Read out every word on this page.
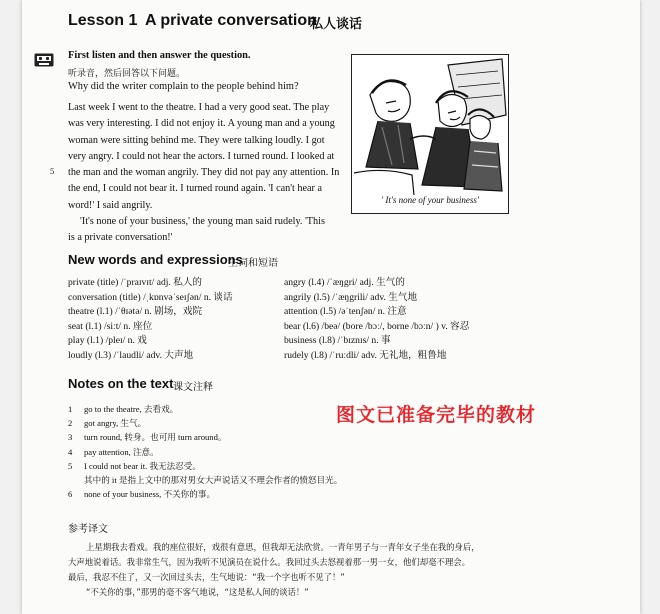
Lesson 1 A private conversation
私人谈话
First listen and then answer the question.
听录音，然后回答以下问题。
Why did the writer complain to the people behind him?
Last week I went to the theatre. I had a very good seat. The play
was very interesting. I did not enjoy it. A young man and a young
woman were sitting behind me. They were talking loudly. I got
very angry. I could not hear the actors. I turned round. I looked at
the man and the woman angrily. They did not pay any attention. In
the end, I could not bear it. I turned round again. 'I can't hear a
word!' I said angrily.
'It's none of your business,' the young man said rudely. 'This
is a private conversation!'
5
' It's none of your business'
New words and expressions
生词和短语
private (title) /ˈpraɪvɪt/ adj. 私人的
conversation (title) /ˌkɒnvəˈseɪʃən/ n. 谈话
theatre (l.1) /ˈθɪətə/ n. 剧场，戏院
seat (l.1) /siːt/ n. 座位
play (l.1) /pleɪ/ n. 戏
loudly (l.3) /ˈlaudli/ adv. 大声地
angry (l.4) /ˈæŋgri/ adj. 生气的
angrily (l.5) /ˈæŋgrili/ adv. 生气地
attention (l.5) /əˈtenʃən/ n. 注意
bear (l.6) /beə/ (bore /bɔː/, borne /bɔːn/ ) v. 容忍
business (l.8) /ˈbɪznɪs/ n. 事
rudely (l.8) /ˈruːdli/ adv. 无礼地，粗鲁地
Notes on the text 课文注释
1 go to the theatre, 去看戏。
2 got angry, 生气。
3 turn round, 转身。也可用 turn around。
4 pay attention, 注意。
5 I could not bear it. 我无法忍受。
其中的 it 是指上文中的那对男女大声说话又不理会作者的愤怒目光。
6 none of your business, 不关你的事。
图文已准备完毕的教材
参考译文
上星期我去看戏。我的座位很好，戏很有意思，但我却无法欣赏。一青年男子与一青年女子坐在我的身后，
大声地说着话。我非常生气，因为我听不见演员在说什么。我回过头去怒视着那一男一女，他们却毫不理会。
最后，我忍不住了，又一次回过头去，生气地说：“我一个字也听不见了！”
“不关你的事，”那男的毫不客气地说，“这是私人间的谈话！”
